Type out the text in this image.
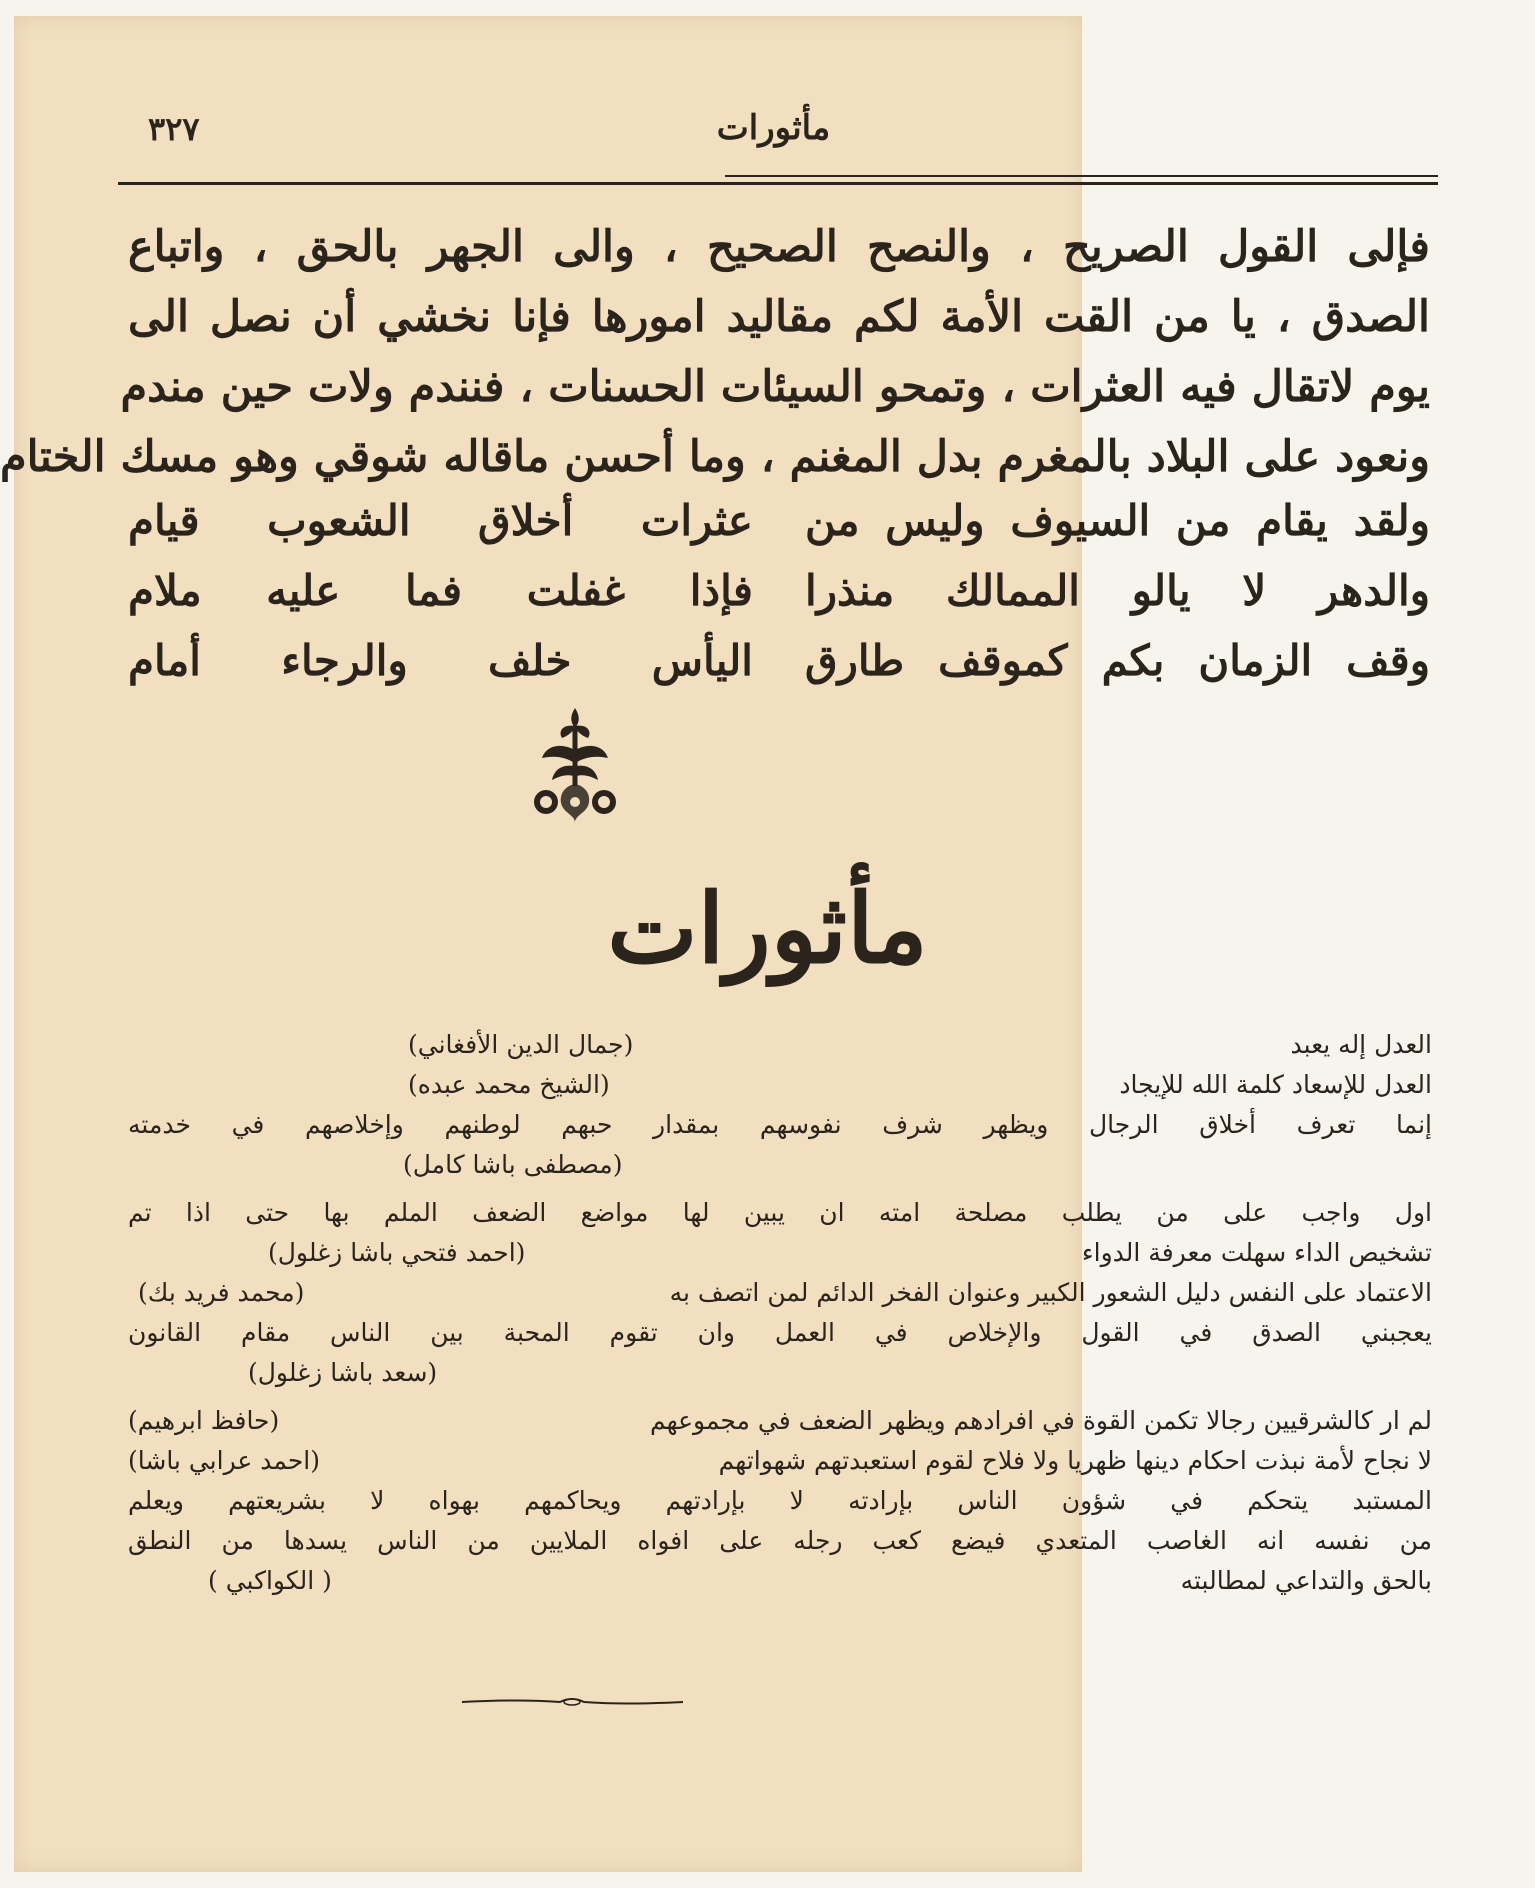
مأثورات
٣٢٧
فإلى القول الصريح ، والنصح الصحيح ، والى الجهر بالحق ، واتباع
الصدق ، يا من القت الأمة لكم مقاليد امورها فإنا نخشي أن نصل الى
يوم لاتقال فيه العثرات ، وتمحو السيئات الحسنات ، فنندم ولات حين مندم
ونعود على البلاد بالمغرم بدل المغنم ، وما أحسن ماقاله شوقي وهو مسك الختام
ولقد يقام من السيوف وليس من
عثرات أخلاق الشعوب قيام
والدهر لا يالو الممالك منذرا
فإذا غفلت فما عليه ملام
وقف الزمان بكم كموقف طارق
اليأس خلف والرجاء أمام
مأثورات
العدل إله يعبد
(جمال الدين الأفغاني)
العدل للإسعاد كلمة الله للإيجاد
(الشيخ محمد عبده)
إنما تعرف أخلاق الرجال ويظهر شرف نفوسهم بمقدار حبهم لوطنهم وإخلاصهم في خدمته
(مصطفى باشا كامل)
اول واجب على من يطلب مصلحة امته ان يبين لها مواضع الضعف الملم بها حتى اذا تم
تشخيص الداء سهلت معرفة الدواء
(احمد فتحي باشا زغلول)
الاعتماد على النفس دليل الشعور الكبير وعنوان الفخر الدائم لمن اتصف به
(محمد فريد بك)
يعجبني الصدق في القول والإخلاص في العمل وان تقوم المحبة بين الناس مقام القانون
(سعد باشا زغلول)
لم ار كالشرقيين رجالا تكمن القوة في افرادهم ويظهر الضعف في مجموعهم
(حافظ ابرهيم)
لا نجاح لأمة نبذت احكام دينها ظهريا ولا فلاح لقوم استعبدتهم شهواتهم
(احمد عرابي باشا)
المستبد يتحكم في شؤون الناس بإرادته لا بإرادتهم ويحاكمهم بهواه لا بشريعتهم ويعلم
من نفسه انه الغاصب المتعدي فيضع كعب رجله على افواه الملايين من الناس يسدها من النطق
بالحق والتداعي لمطالبته
( الكواكبي )
